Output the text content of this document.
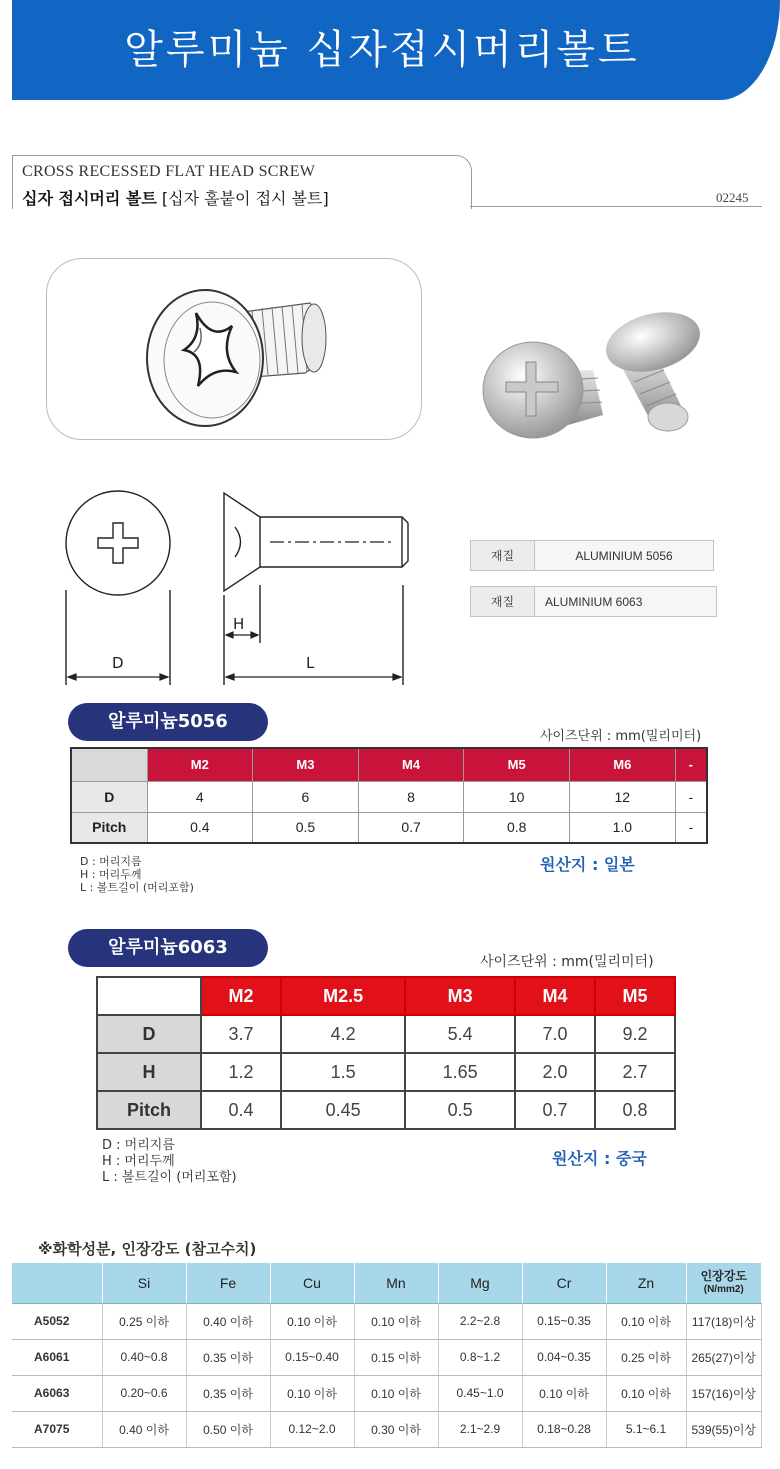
알루미늄 십자접시머리볼트
CROSS RECESSED FLAT HEAD SCREW
십자 접시머리 볼트 [십자 홀붙이 접시 볼트]	02245
D
H
L
재질	ALUMINIUM 5056
재질	ALUMINIUM 6063
알루미늄5056
사이즈단위 : mm(밀리미터)
	M2	M3	M4	M5	M6	-
D	4	6	8	10	12	-
Pitch	0.4	0.5	0.7	0.8	1.0	-
D : 머리지름
H : 머리두께
L : 볼트길이 (머리포함)
원산지 : 일본
알루미늄6063
사이즈단위 : mm(밀리미터)
	M2	M2.5	M3	M4	M5
D	3.7	4.2	5.4	7.0	9.2
H	1.2	1.5	1.65	2.0	2.7
Pitch	0.4	0.45	0.5	0.7	0.8
D : 머리지름
H : 머리두께
L : 볼트길이 (머리포함)
원산지 : 중국
※화학성분, 인장강도 (참고수치)
	Si	Fe	Cu	Mn	Mg	Cr	Zn	인장강도
(N/mm2)

A5052	0.25 이하	0.40 이하	0.10 이하	0.10 이하	2.2~2.8	0.15~0.35	0.10 이하	117(18)이상
A6061	0.40~0.8	0.35 이하	0.15~0.40	0.15 이하	0.8~1.2	0.04~0.35	0.25 이하	265(27)이상
A6063	0.20~0.6	0.35 이하	0.10 이하	0.10 이하	0.45~1.0	0.10 이하	0.10 이하	157(16)이상
A7075	0.40 이하	0.50 이하	0.12~2.0	0.30 이하	2.1~2.9	0.18~0.28	5.1~6.1	539(55)이상
